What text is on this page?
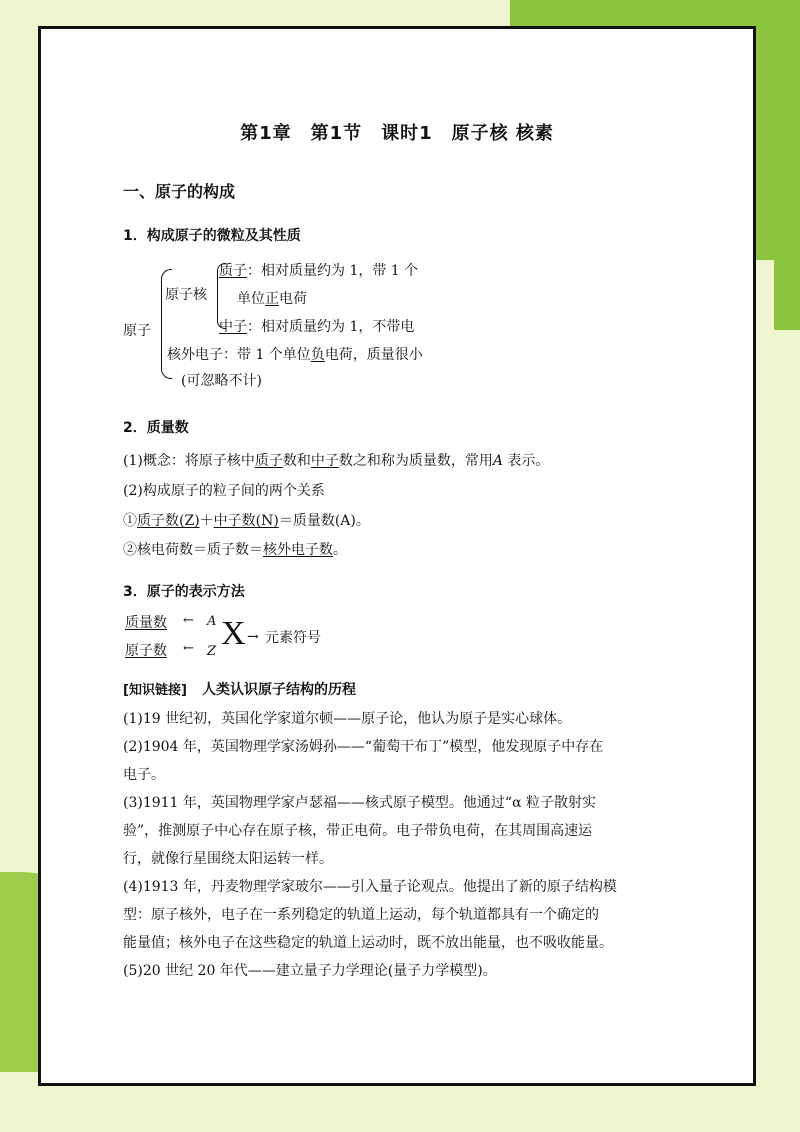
第1章　第1节　课时1　原子核 核素
一、原子的构成
1．构成原子的微粒及其性质
原子
原子核
质子：相对质量约为 1，带 1 个
单位正电荷
中子：相对质量约为 1，不带电
核外电子：带 1 个单位负电荷，质量很小
(可忽略不计)
2．质量数
(1)概念：将原子核中质子数和中子数之和称为质量数，常用A 表示。
(2)构成原子的粒子间的两个关系
①质子数(Z)＋中子数(N)＝质量数(A)。
②核电荷数＝质子数＝核外电子数。
3．原子的表示方法
质量数
原子数
←
←
A
Z X → 元素符号
[知识链接] 人类认识原子结构的历程
(1)19 世纪初，英国化学家道尔顿——原子论，他认为原子是实心球体。
(2)1904 年，英国物理学家汤姆孙——“葡萄干布丁”模型，他发现原子中存在
电子。
(3)1911 年，英国物理学家卢瑟福——核式原子模型。他通过“α 粒子散射实
验”，推测原子中心存在原子核，带正电荷。电子带负电荷，在其周围高速运
行，就像行星围绕太阳运转一样。
(4)1913 年，丹麦物理学家玻尔——引入量子论观点。他提出了新的原子结构模
型：原子核外，电子在一系列稳定的轨道上运动，每个轨道都具有一个确定的
能量值；核外电子在这些稳定的轨道上运动时，既不放出能量，也不吸收能量。
(5)20 世纪 20 年代——建立量子力学理论(量子力学模型)。
